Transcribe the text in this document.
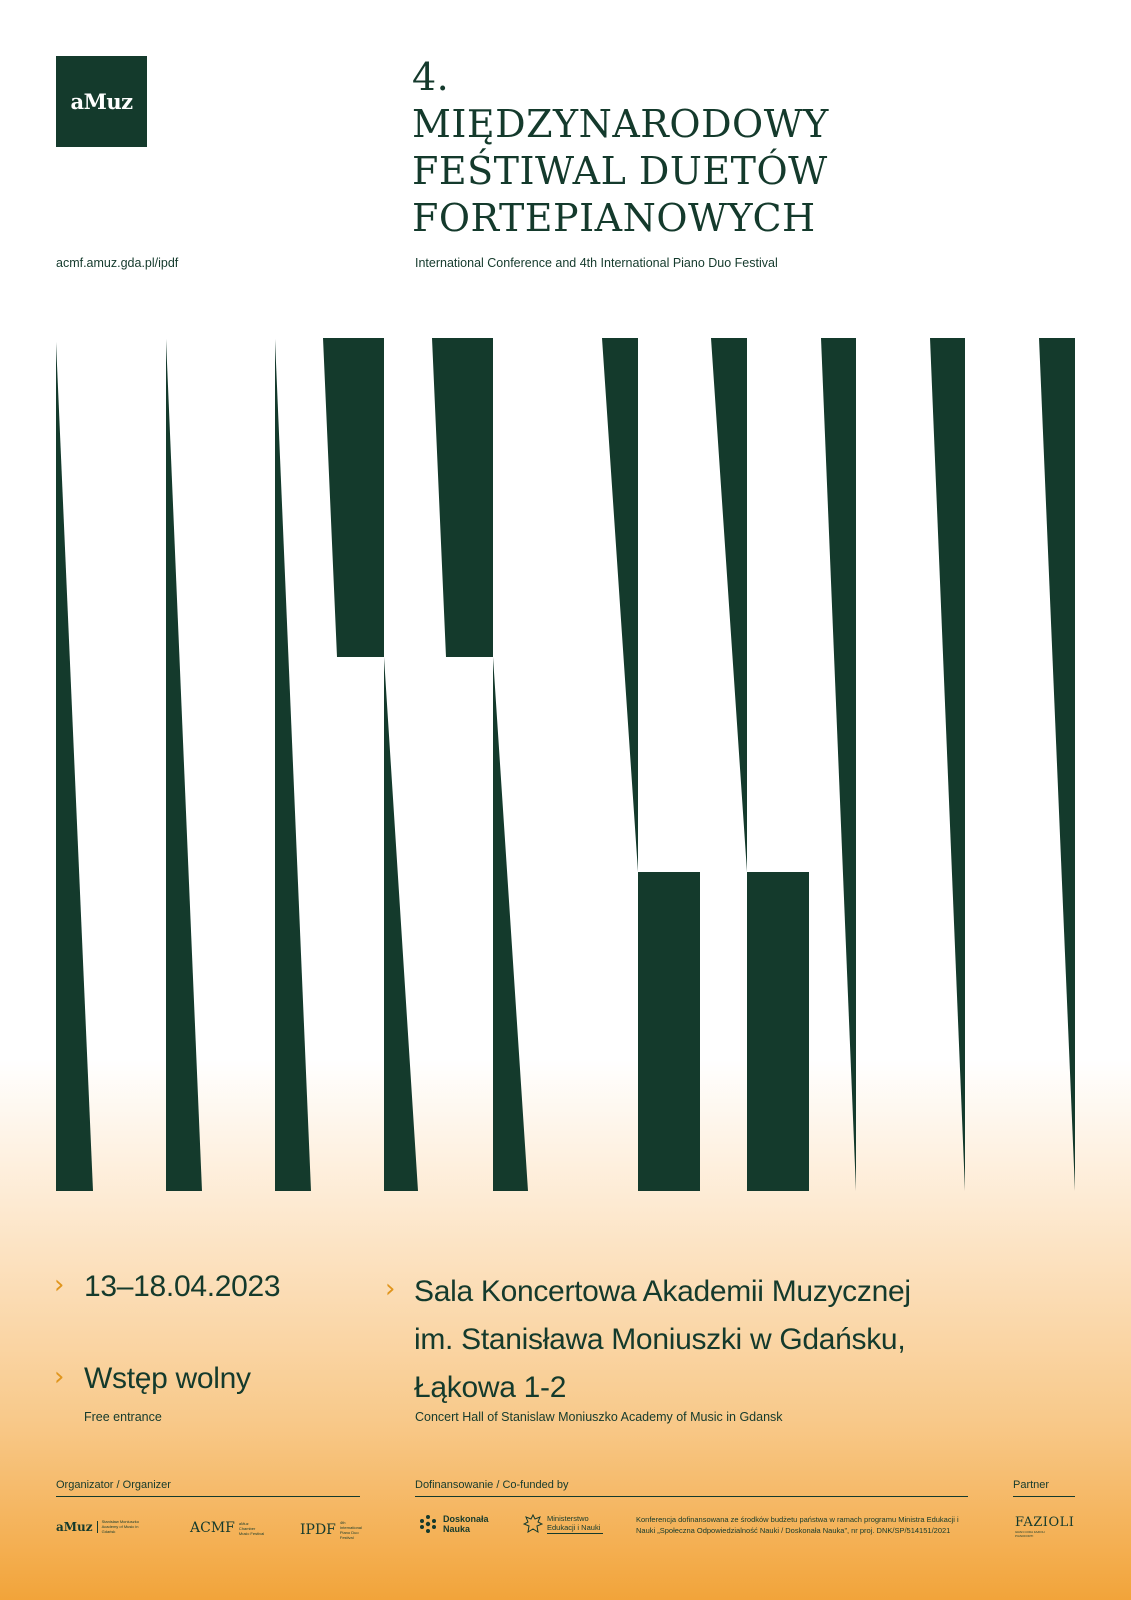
aMuz
acmf.amuz.gda.pl/ipdf
4.
MIĘDZYNARODOWY
FEŚTIWAL DUETÓW
FORTEPIANOWYCH
International Conference and 4th International Piano Duo Festival
› 13–18.04.2023
› Wstęp wolny
Free entrance
› Sala Koncertowa Akademii Muzycznej
im. Stanisława Moniuszki w Gdańsku,
Łąkowa 1-2
Concert Hall of Stanislaw Moniuszko Academy of Music in Gdansk
Organizator / Organizer	Dofinansowanie / Co-funded by	Partner
aMuz Stanisław Moniuszko Academy of Music in Gdańsk	ACMF aMuz Chamber Music Festival	IPDF 4th International Piano Duo Festival
Doskonała Nauka
Ministerstwo Edukacji i Nauki
Konferencja dofinansowana ze środków budżetu państwa w ramach programu Ministra Edukacji i Nauki „Społeczna Odpowiedzialność Nauki / Doskonała Nauka”, nr proj. DNK/SP/514151/2021
FAZIOLI
GRAN CODA FAZIOLI PIANOFORTI
